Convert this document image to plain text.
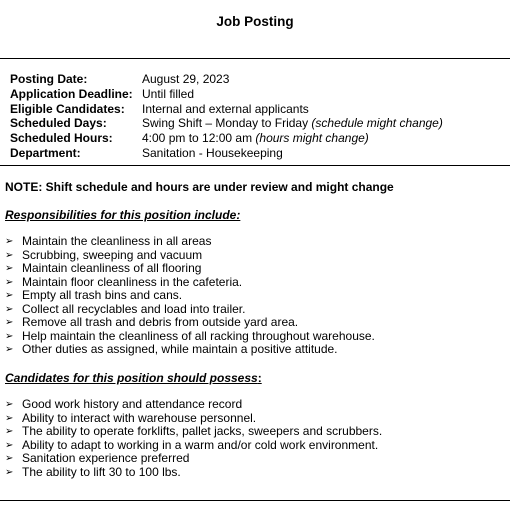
Job Posting
Posting Date:	August 29, 2023
Application Deadline: Until filled
Eligible Candidates:	Internal and external applicants
Scheduled Days:	Swing Shift – Monday to Friday (schedule might change)
Scheduled Hours:	4:00 pm to 12:00 am (hours might change)
Department:	Sanitation - Housekeeping
NOTE: Shift schedule and hours are under review and might change
Responsibilities for this position include:
➢ Maintain the cleanliness in all areas
➢ Scrubbing, sweeping and vacuum
➢ Maintain cleanliness of all flooring
➢ Maintain floor cleanliness in the cafeteria.
➢ Empty all trash bins and cans.
➢ Collect all recyclables and load into trailer.
➢ Remove all trash and debris from outside yard area.
➢ Help maintain the cleanliness of all racking throughout warehouse.
➢ Other duties as assigned, while maintain a positive attitude.
Candidates for this position should possess:
➢ Good work history and attendance record
➢ Ability to interact with warehouse personnel.
➢ The ability to operate forklifts, pallet jacks, sweepers and scrubbers.
➢ Ability to adapt to working in a warm and/or cold work environment.
➢ Sanitation experience preferred
➢ The ability to lift 30 to 100 lbs.
